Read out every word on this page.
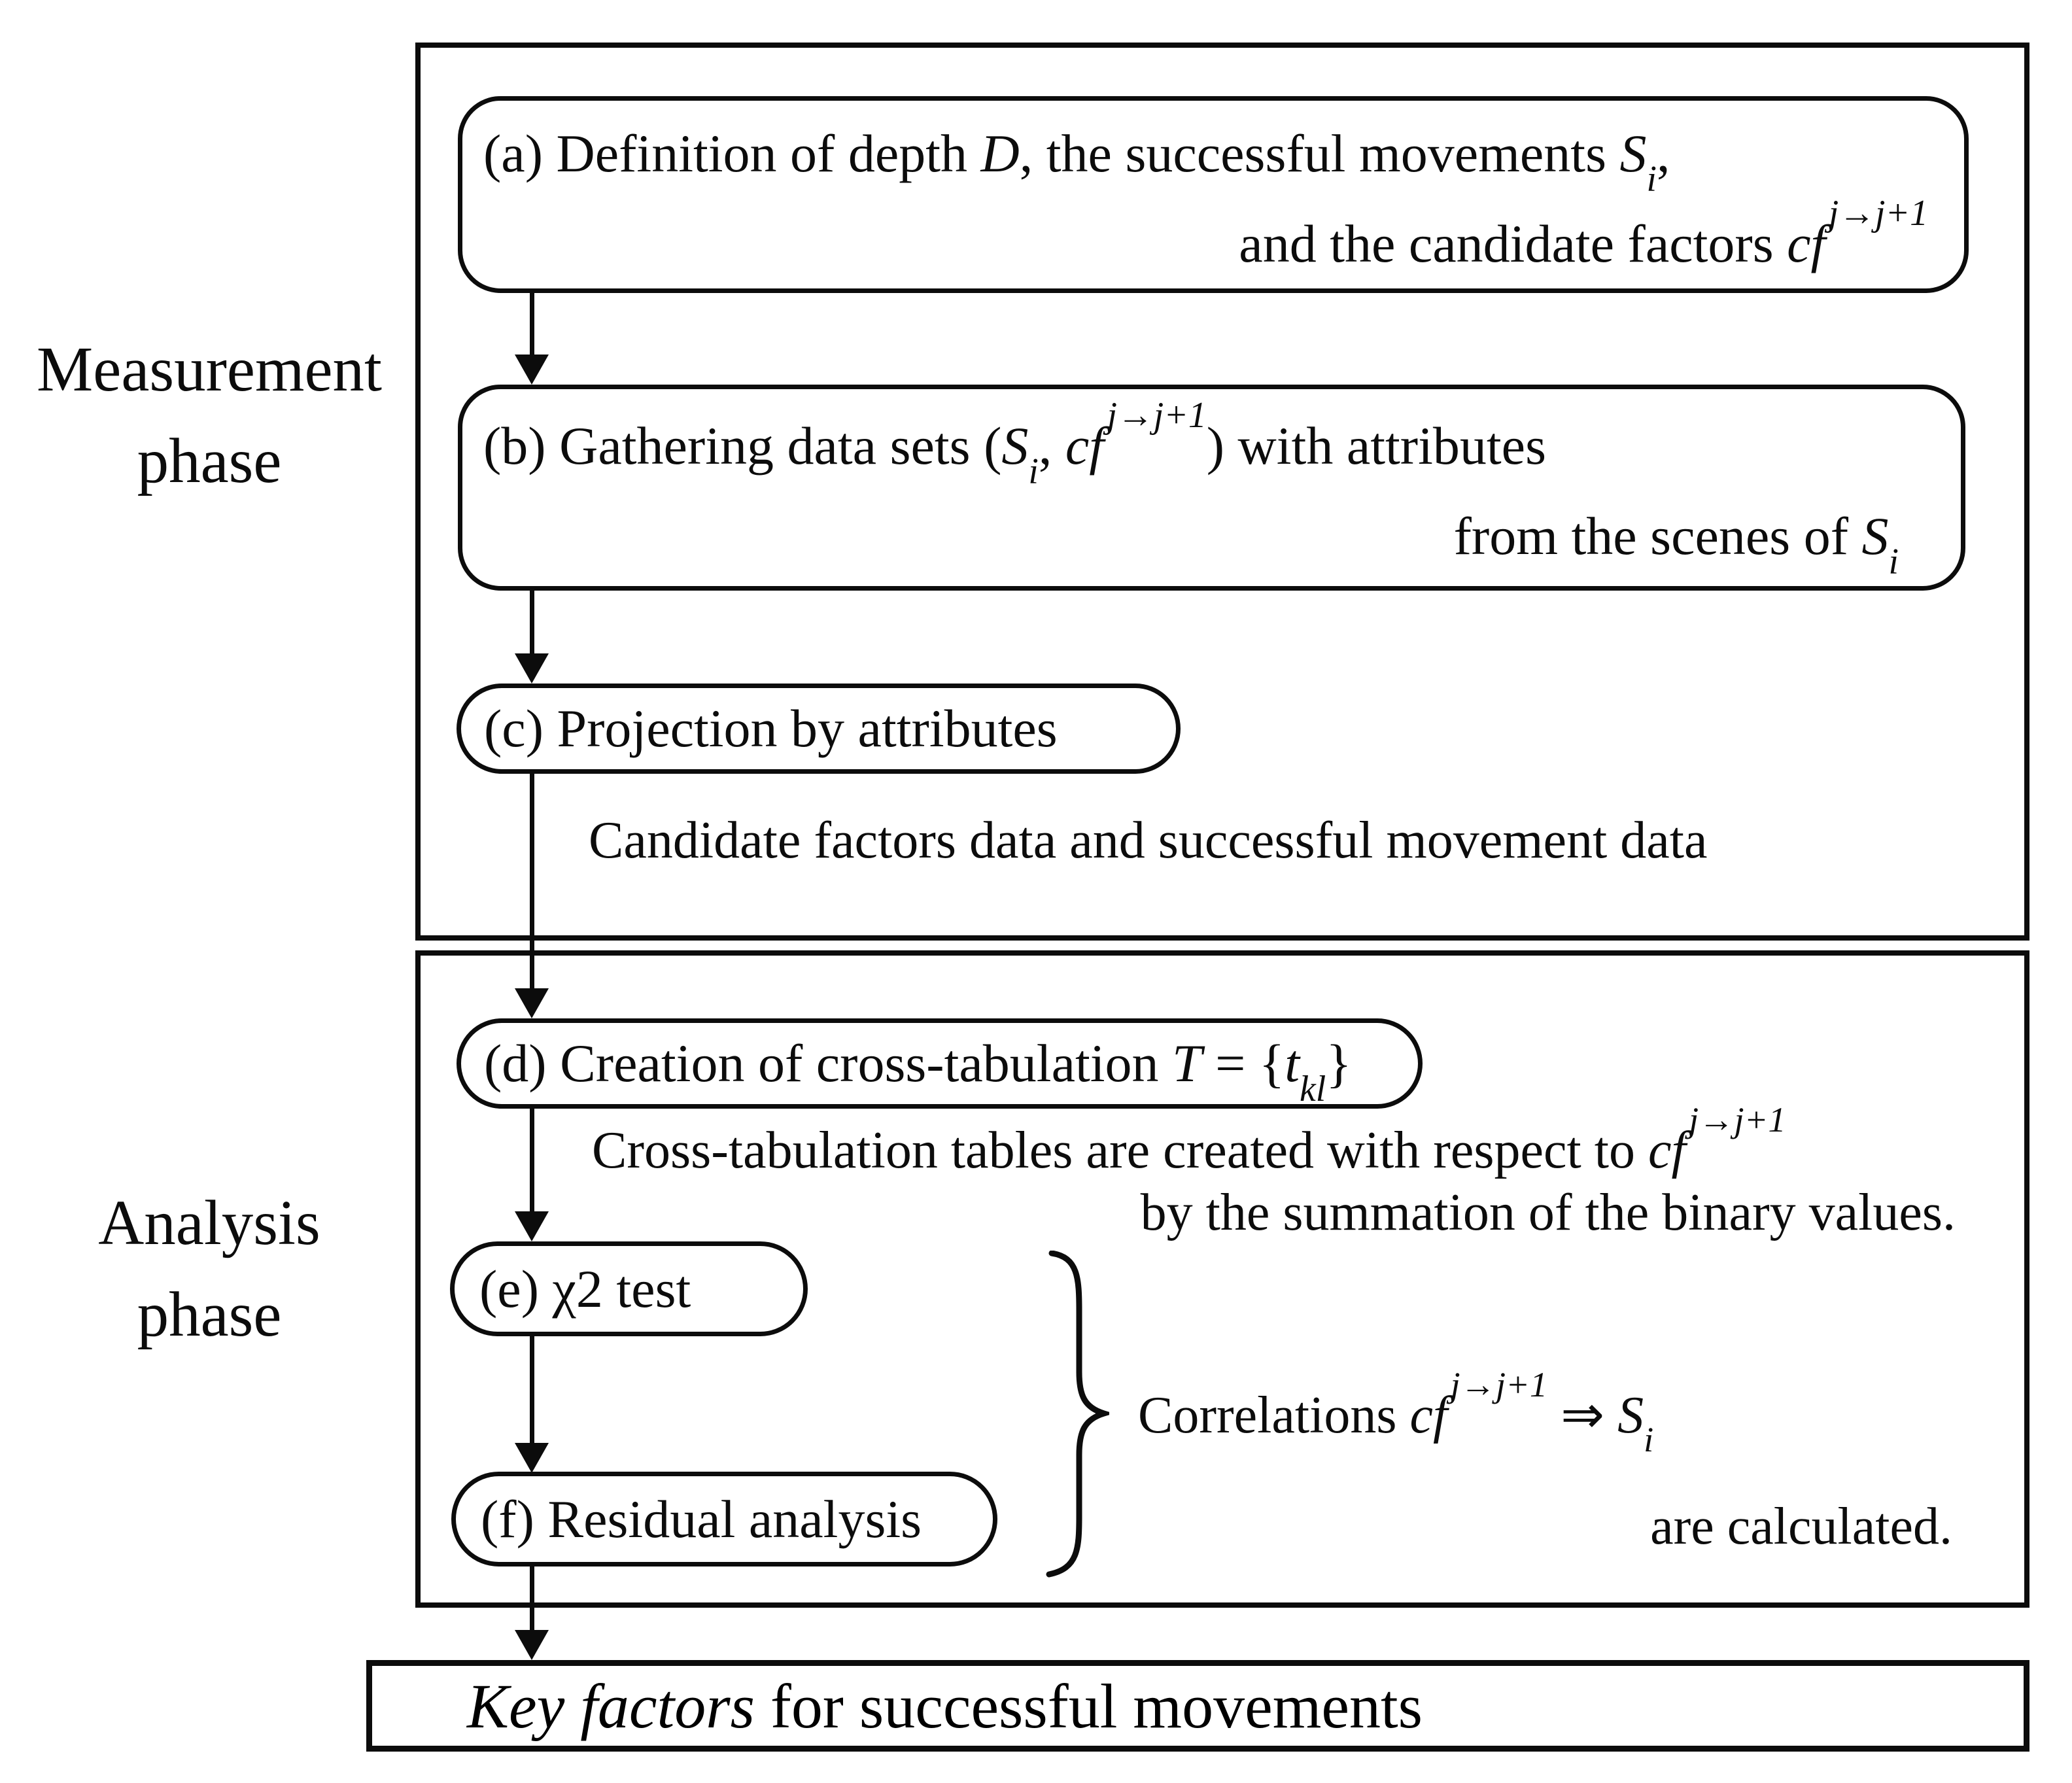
Measurement
phase
Analysis
phase
(a) Definition of depth D, the successful movements $S_i$,
and the candidate factors $cf^{j\to j+1}$
(b) Gathering data sets ($S_i$, $cf^{j\to j+1}$) with attributes
from the scenes of $S_i$
(c) Projection by attributes
Candidate factors data and successful movement data
(d) Creation of cross-tabulation $T = \{t_{kl}\}$
Cross-tabulation tables are created with respect to $cf^{j\to j+1}$
by the summation of the binary values.
(e) χ2 test
(f) Residual analysis
Correlations $cf^{j\to j+1}$ ⇒ $S_i$
are calculated.
Key factors for successful movements
